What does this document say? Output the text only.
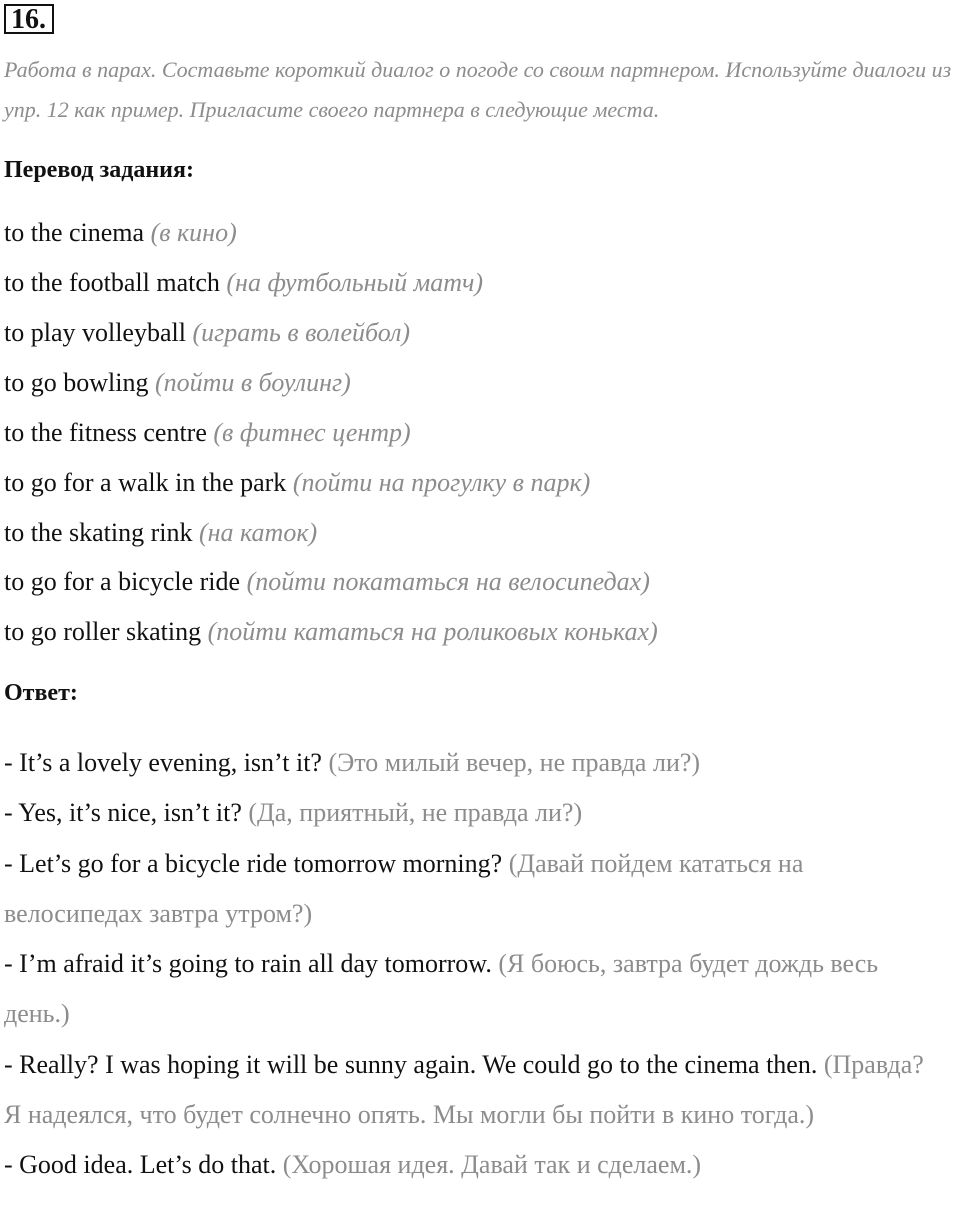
16.
Работа в парах. Составьте короткий диалог о погоде со своим партнером. Используйте диалоги из упр. 12 как пример. Пригласите своего партнера в следующие места.
Перевод задания:
to the cinema (в кино)
to the football match (на футбольный матч)
to play volleyball (играть в волейбол)
to go bowling (пойти в боулинг)
to the fitness centre (в фитнес центр)
to go for a walk in the park (пойти на прогулку в парк)
to the skating rink (на каток)
to go for a bicycle ride (пойти покататься на велосипедах)
to go roller skating (пойти кататься на роликовых коньках)
Ответ:
- It’s a lovely evening, isn’t it? (Это милый вечер, не правда ли?)
- Yes, it’s nice, isn’t it? (Да, приятный, не правда ли?)
- Let’s go for a bicycle ride tomorrow morning? (Давай пойдем кататься на велосипедах завтра утром?)
- I’m afraid it’s going to rain all day tomorrow. (Я боюсь, завтра будет дождь весь день.)
- Really? I was hoping it will be sunny again. We could go to the cinema then. (Правда? Я надеялся, что будет солнечно опять. Мы могли бы пойти в кино тогда.)
- Good idea. Let’s do that. (Хорошая идея. Давай так и сделаем.)
